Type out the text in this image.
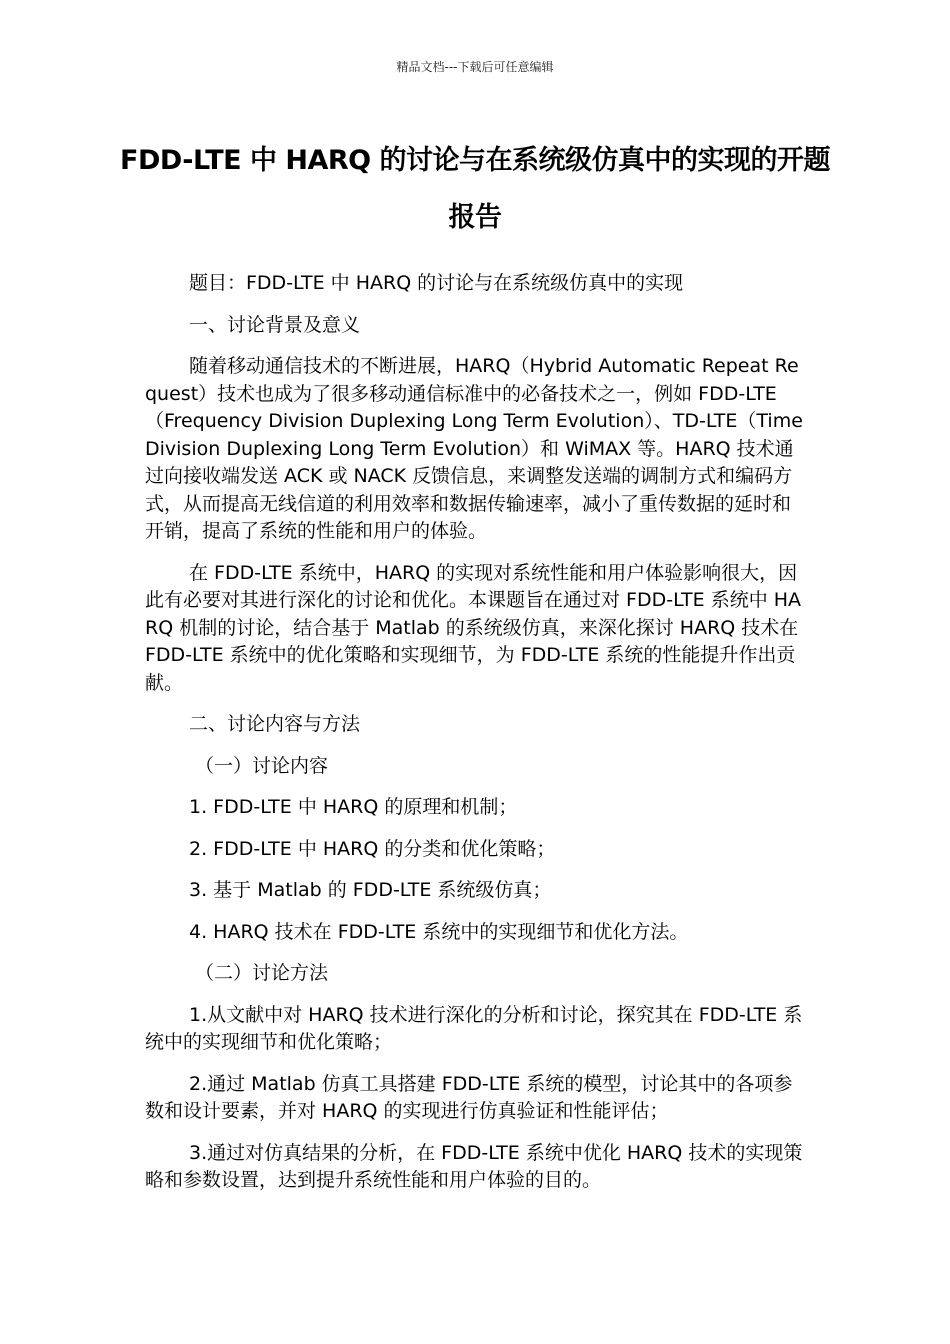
精品文档---下载后可任意编辑
FDD-LTE 中 HARQ 的讨论与在系统级仿真中的实现的开题报告

题目：FDD-LTE 中 HARQ 的讨论与在系统级仿真中的实现

一、讨论背景及意义

随着移动通信技术的不断进展，HARQ（Hybrid Automatic Repeat Request）技术也成为了很多移动通信标准中的必备技术之一，例如 FDD-LTE（Frequency Division Duplexing Long Term Evolution）、TD-LTE（Time Division Duplexing Long Term Evolution）和 WiMAX 等。HARQ 技术通过向接收端发送 ACK 或 NACK 反馈信息，来调整发送端的调制方式和编码方式，从而提高无线信道的利用效率和数据传输速率，减小了重传数据的延时和开销，提高了系统的性能和用户的体验。

在 FDD-LTE 系统中，HARQ 的实现对系统性能和用户体验影响很大，因此有必要对其进行深化的讨论和优化。本课题旨在通过对 FDD-LTE 系统中 HARQ 机制的讨论，结合基于 Matlab 的系统级仿真，来深化探讨 HARQ 技术在 FDD-LTE 系统中的优化策略和实现细节，为 FDD-LTE 系统的性能提升作出贡献。

二、讨论内容与方法

（一）讨论内容

1. FDD-LTE 中 HARQ 的原理和机制；

2. FDD-LTE 中 HARQ 的分类和优化策略；

3. 基于 Matlab 的 FDD-LTE 系统级仿真；

4. HARQ 技术在 FDD-LTE 系统中的实现细节和优化方法。

（二）讨论方法

1.从文献中对 HARQ 技术进行深化的分析和讨论，探究其在 FDD-LTE 系统中的实现细节和优化策略；

2.通过 Matlab 仿真工具搭建 FDD-LTE 系统的模型，讨论其中的各项参数和设计要素，并对 HARQ 的实现进行仿真验证和性能评估；

3.通过对仿真结果的分析，在 FDD-LTE 系统中优化 HARQ 技术的实现策略和参数设置，达到提升系统性能和用户体验的目的。
